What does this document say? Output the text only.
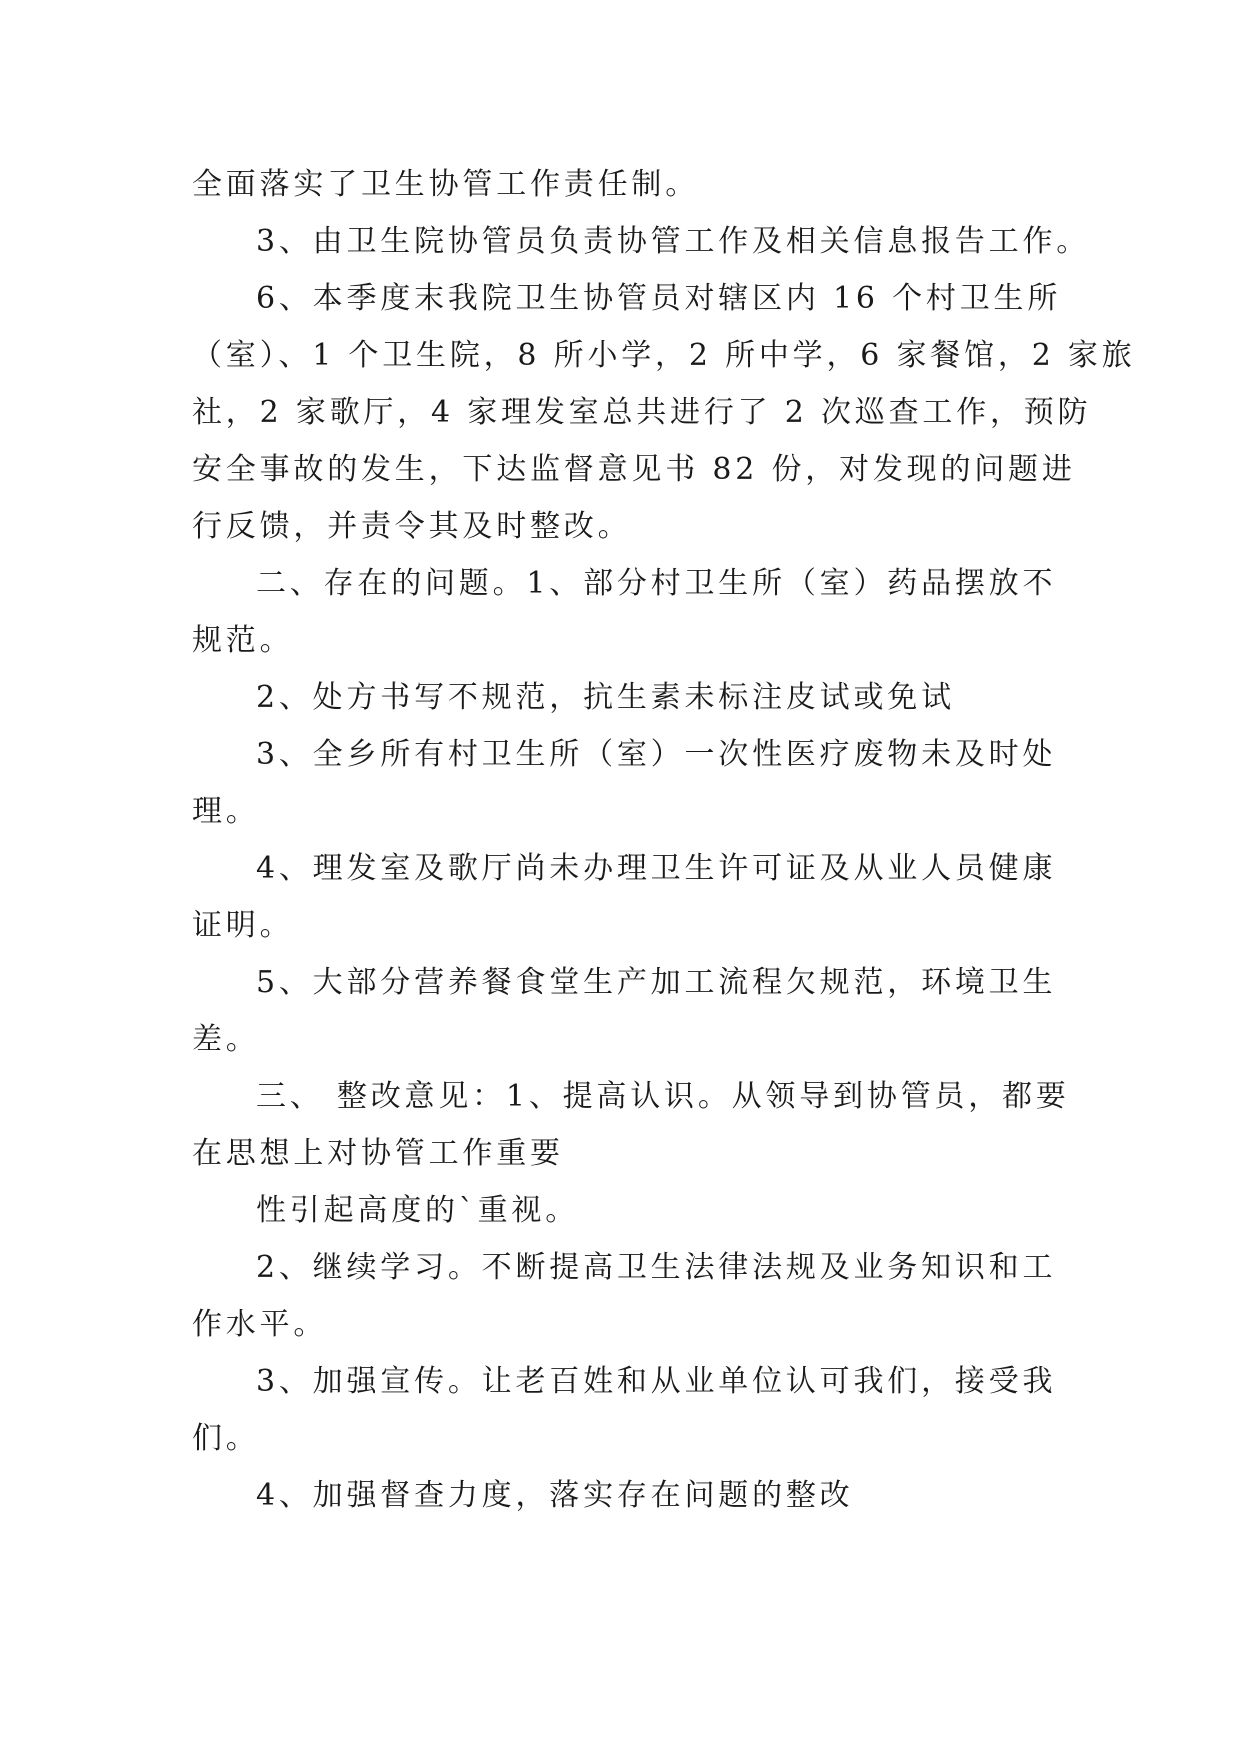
全面落实了卫生协管工作责任制。
3、由卫生院协管员负责协管工作及相关信息报告工作。
6、本季度末我院卫生协管员对辖区内 16 个村卫生所
（室）、1 个卫生院，8 所小学，2 所中学，6 家餐馆，2 家旅
社，2 家歌厅，4 家理发室总共进行了 2 次巡查工作，预防
安全事故的发生，下达监督意见书 82 份，对发现的问题进
行反馈，并责令其及时整改。
二、存在的问题。1、部分村卫生所（室）药品摆放不
规范。
2、处方书写不规范，抗生素未标注皮试或免试
3、全乡所有村卫生所（室）一次性医疗废物未及时处
理。
4、理发室及歌厅尚未办理卫生许可证及从业人员健康
证明。
5、大部分营养餐食堂生产加工流程欠规范，环境卫生
差。
三、 整改意见：1、提高认识。从领导到协管员，都要
在思想上对协管工作重要
性引起高度的`重视。
2、继续学习。不断提高卫生法律法规及业务知识和工
作水平。
3、加强宣传。让老百姓和从业单位认可我们，接受我
们。
4、加强督查力度，落实存在问题的整改
